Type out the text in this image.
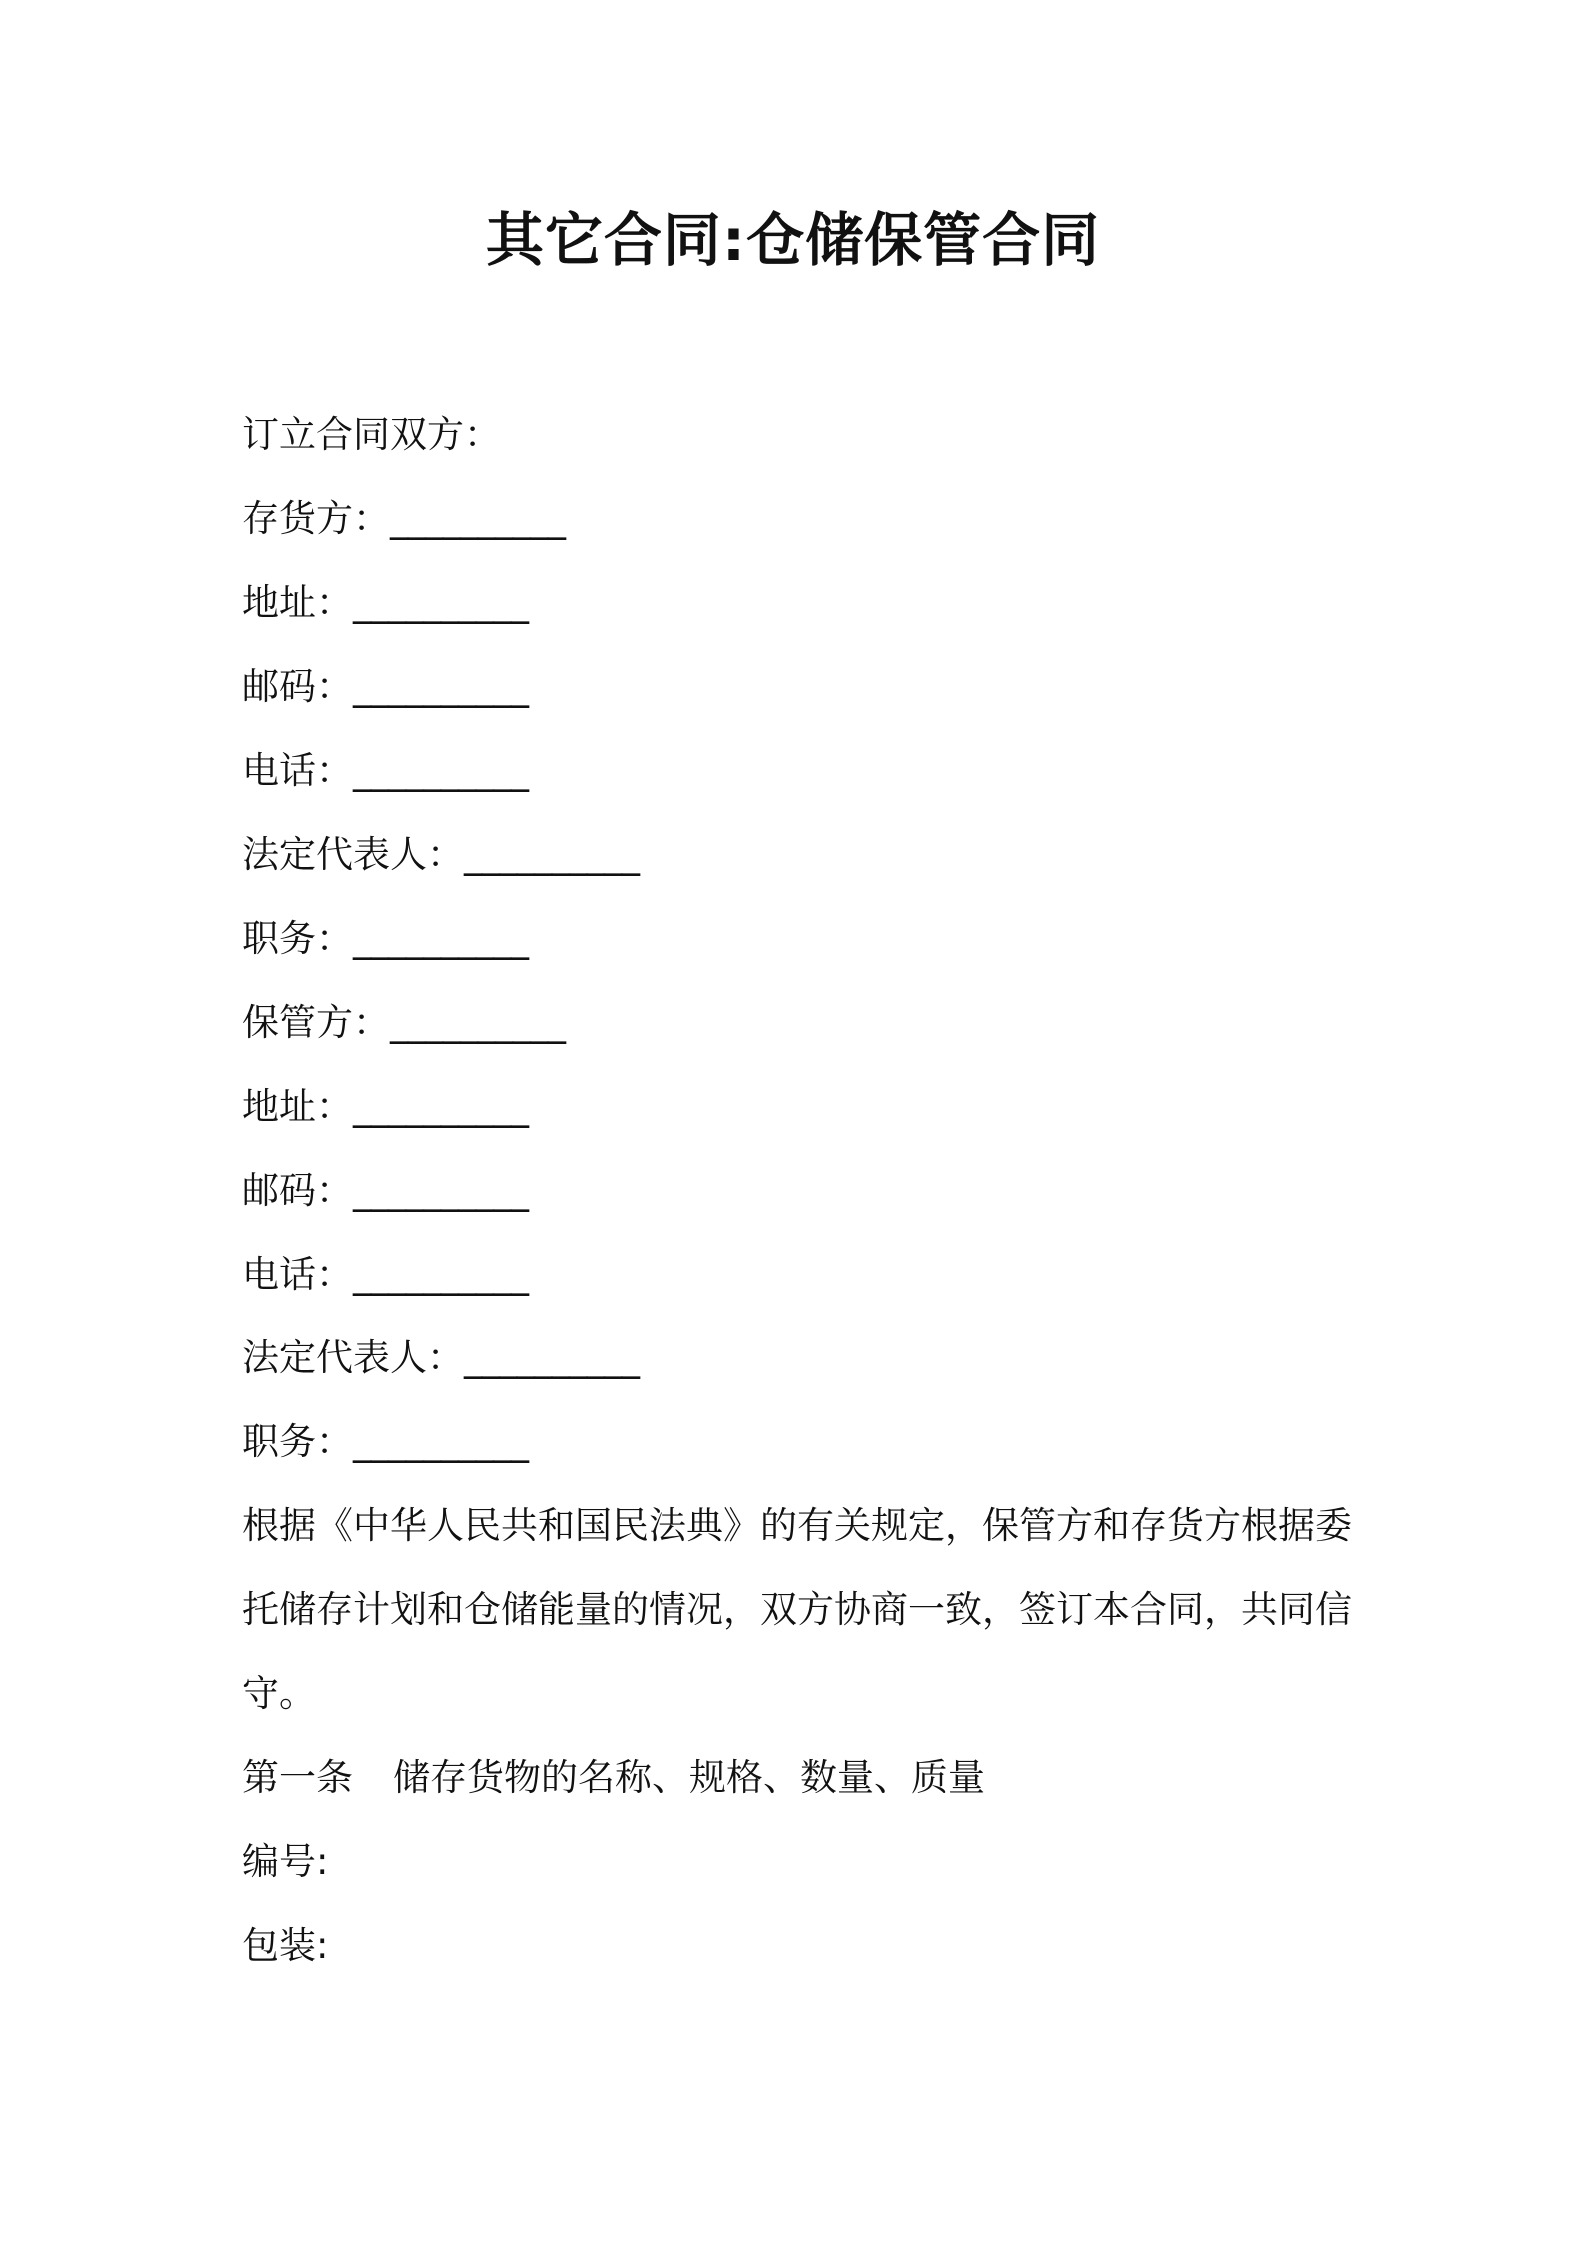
其它合同:仓储保管合同

订立合同双方：

存货方：__________

地址：__________

邮码：__________

电话：__________

法定代表人：__________

职务：__________

保管方：__________

地址：__________

邮码：__________

电话：__________

法定代表人：__________

职务：__________

根据《中华人民共和国民法典》的有关规定，保管方和存货方根据委
托储存计划和仓储能量的情况，双方协商一致，签订本合同，共同信
守。

第一条 储存货物的名称、规格、数量、质量

编号:

包装:
